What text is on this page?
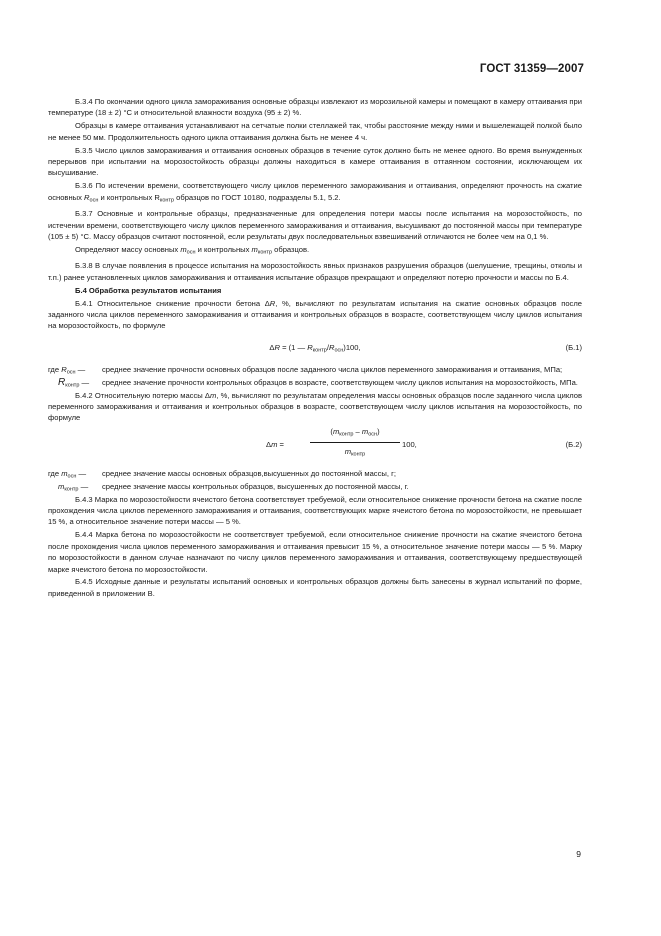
ГОСТ 31359—2007

Б.3.4 По окончании одного цикла замораживания основные образцы извлекают из морозильной камеры и помещают в камеру оттаивания при температуре (18 ± 2) °С и относительной влажности воздуха (95 ± 2) %.

Образцы в камере оттаивания устанавливают на сетчатые полки стеллажей так, чтобы расстояние между ними и вышележащей полкой было не менее 50 мм. Продолжительность одного цикла оттаивания должна быть не менее 4 ч.

Б.3.5 Число циклов замораживания и оттаивания основных образцов в течение суток должно быть не менее одного. Во время вынужденных перерывов при испытании на морозостойкость образцы должны находиться в камере оттаивания в оттаянном состоянии, исключающем их высушивание.

Б.3.6 По истечении времени, соответствующего числу циклов переменного замораживания и оттаивания, определяют прочность на сжатие основных $R_{осн}$ и контрольных $R_{контр}$ образцов по ГОСТ 10180, подразделы 5.1, 5.2.

Б.3.7 Основные и контрольные образцы, предназначенные для определения потери массы после испытания на морозостойкость, по истечении времени, соответствующего числу циклов переменного замораживания и оттаивания, высушивают до постоянной массы при температуре (105 ± 5) °С. Массу образцов считают постоянной, если результаты двух последовательных взвешиваний отличаются не более чем на 0,1 %.

Определяют массу основных $m_{осн}$ и контрольных $m_{контр}$ образцов.

Б.3.8 В случае появления в процессе испытания на морозостойкость явных признаков разрушения образцов (шелушение, трещины, отколы и т.п.) ранее установленных циклов замораживания и оттаивания испытание образцов прекращают и определяют потерю прочности и массы по Б.4.

Б.4 Обработка результатов испытания

Б.4.1 Относительное снижение прочности бетона ΔR, %, вычисляют по результатам испытания на сжатие основных образцов после заданного числа циклов переменного замораживания и оттаивания и контрольных образцов в возрасте, соответствующем числу циклов испытания на морозостойкость, по формуле

ΔR = (1 — $R_{контр}/R_{осн})100$,	(Б.1)
где $R_{осн}$ — среднее значение прочности основных образцов после заданного числа циклов переменного замораживания и оттаивания, МПа;
$R_{контр}$ — среднее значение прочности контрольных образцов в возрасте, соответствующем числу циклов испытания на морозостойкость, МПа.

Б.4.2 Относительную потерю массы Δm, %, вычисляют по результатам определения массы основных образцов после заданного числа циклов переменного замораживания и оттаивания и контрольных образцов в возрасте, соответствующем числу циклов испытания на морозостойкость, по формуле

Δm =
$(m_{контр} - m_{осн})$
$m_{контр}$
100,	(Б.2)
где $m_{осн}$ — среднее значение массы основных образцов,высушенных до постоянной массы, г;
$m_{контр}$ — среднее значение массы контрольных образцов, высушенных до постоянной массы, г.

Б.4.3 Марка по морозостойкости ячеистого бетона соответствует требуемой, если относительное снижение прочности бетона на сжатие после прохождения числа циклов переменного замораживания и оттаивания, соответствующих марке ячеистого бетона по морозостойкости, не превышает 15 %, а относительное значение потери массы — 5 %.

Б.4.4 Марка бетона по морозостойкости не соответствует требуемой, если относительное снижение прочности на сжатие ячеистого бетона после прохождения числа циклов переменного замораживания и оттаивания превысит 15 %, а относительное значение потери массы — 5 %. Марку по морозостойкости в данном случае назначают по числу циклов переменного замораживания и оттаивания, соответствующему предшествующей марке ячеистого бетона по морозостойкости.

Б.4.5 Исходные данные и результаты испытаний основных и контрольных образцов должны быть занесены в журнал испытаний по форме, приведенной в приложении В.

9
